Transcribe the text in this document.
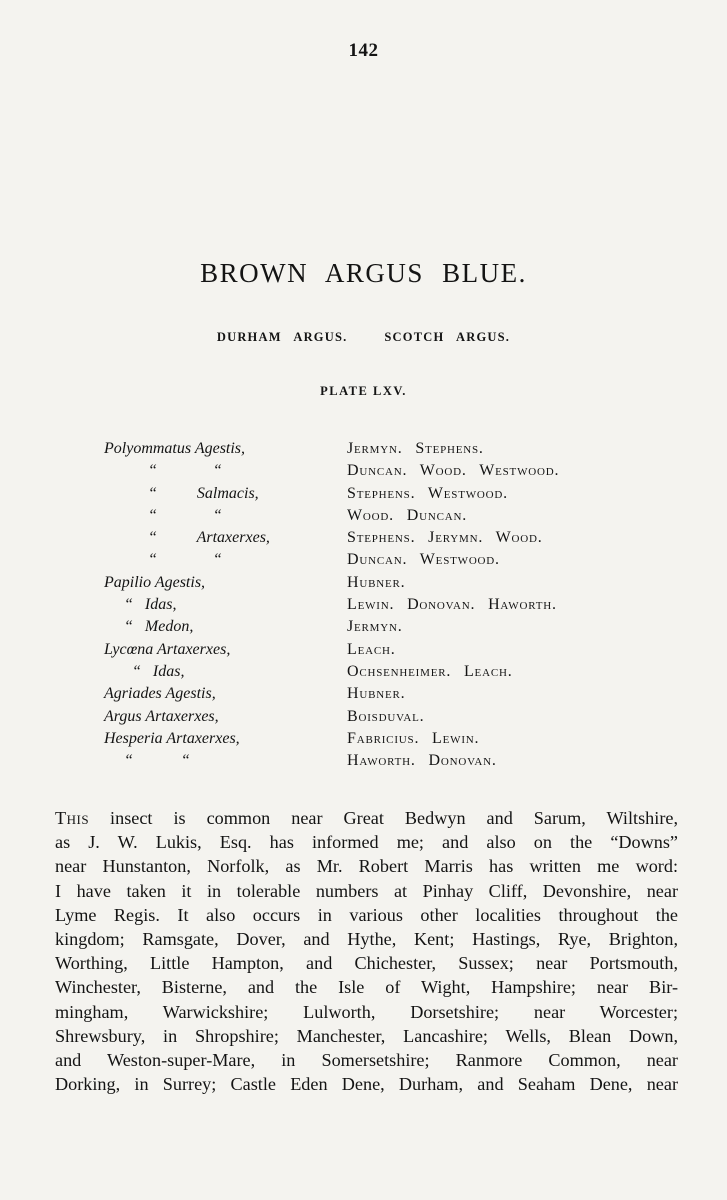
142
BROWN ARGUS BLUE.
DURHAM ARGUS.   SCOTCH ARGUS.
PLATE LXV.
Polyommatus Agestis,	Jermyn. Stephens.
“              “	Duncan. Wood. Westwood.
“          Salmacis,	Stephens. Westwood.
“              “	Wood. Duncan.
“          Artaxerxes,	Stephens. Jerymn. Wood.
“              “	Duncan. Westwood.
Papilio Agestis,	Hubner.
“   Idas,	Lewin. Donovan. Haworth.
“   Medon,	Jermyn.
Lycœna Artaxerxes,	Leach.
“   Idas,	Ochsenheimer. Leach.
Agriades Agestis,	Hubner.
Argus Artaxerxes,	Boisduval.
Hesperia Artaxerxes,	Fabricius. Lewin.
“            “	Haworth. Donovan.
This insect is common near Great Bedwyn and Sarum, Wiltshire,
as J. W. Lukis, Esq. has informed me; and also on the “Downs”
near Hunstanton, Norfolk, as Mr. Robert Marris has written me word:
I have taken it in tolerable numbers at Pinhay Cliff, Devonshire, near
Lyme Regis. It also occurs in various other localities throughout the
kingdom; Ramsgate, Dover, and Hythe, Kent; Hastings, Rye, Brighton,
Worthing, Little Hampton, and Chichester, Sussex; near Portsmouth,
Winchester, Bisterne, and the Isle of Wight, Hampshire; near Bir-
mingham, Warwickshire; Lulworth, Dorsetshire; near Worcester;
Shrewsbury, in Shropshire; Manchester, Lancashire; Wells, Blean Down,
and Weston-super-Mare, in Somersetshire; Ranmore Common, near
Dorking, in Surrey; Castle Eden Dene, Durham, and Seaham Dene, near
